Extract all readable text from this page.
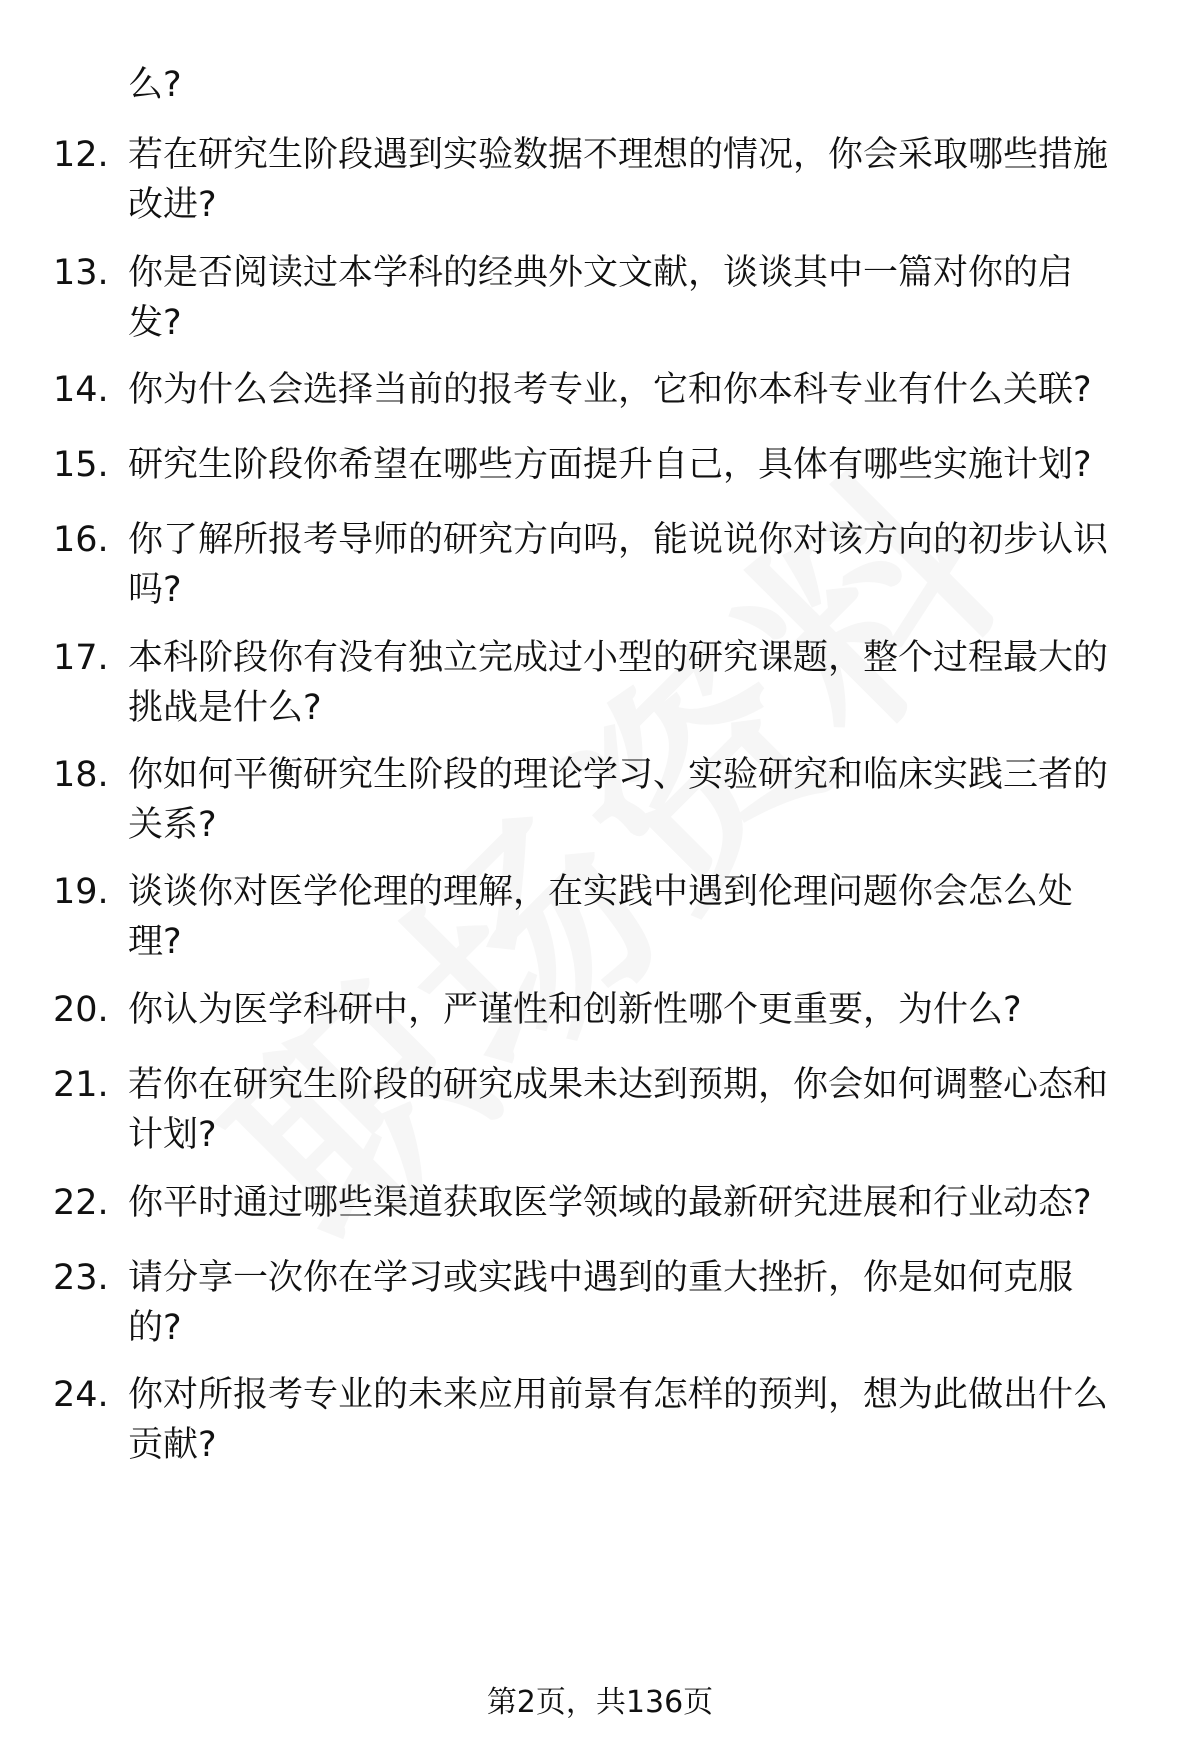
么?
12. 若在研究生阶段遇到实验数据不理想的情况，你会采取哪些措施
改进?
13. 你是否阅读过本学科的经典外文文献，谈谈其中一篇对你的启
发?
14. 你为什么会选择当前的报考专业，它和你本科专业有什么关联?
15. 研究生阶段你希望在哪些方面提升自己，具体有哪些实施计划?
16. 你了解所报考导师的研究方向吗，能说说你对该方向的初步认识
吗?
17. 本科阶段你有没有独立完成过小型的研究课题，整个过程最大的
挑战是什么?
18. 你如何平衡研究生阶段的理论学习、实验研究和临床实践三者的
关系?
19. 谈谈你对医学伦理的理解，在实践中遇到伦理问题你会怎么处
理?
20. 你认为医学科研中，严谨性和创新性哪个更重要，为什么?
21. 若你在研究生阶段的研究成果未达到预期，你会如何调整心态和
计划?
22. 你平时通过哪些渠道获取医学领域的最新研究进展和行业动态?
23. 请分享一次你在学习或实践中遇到的重大挫折，你是如何克服
的?
24. 你对所报考专业的未来应用前景有怎样的预判，想为此做出什么
贡献?
第2页，共136页
